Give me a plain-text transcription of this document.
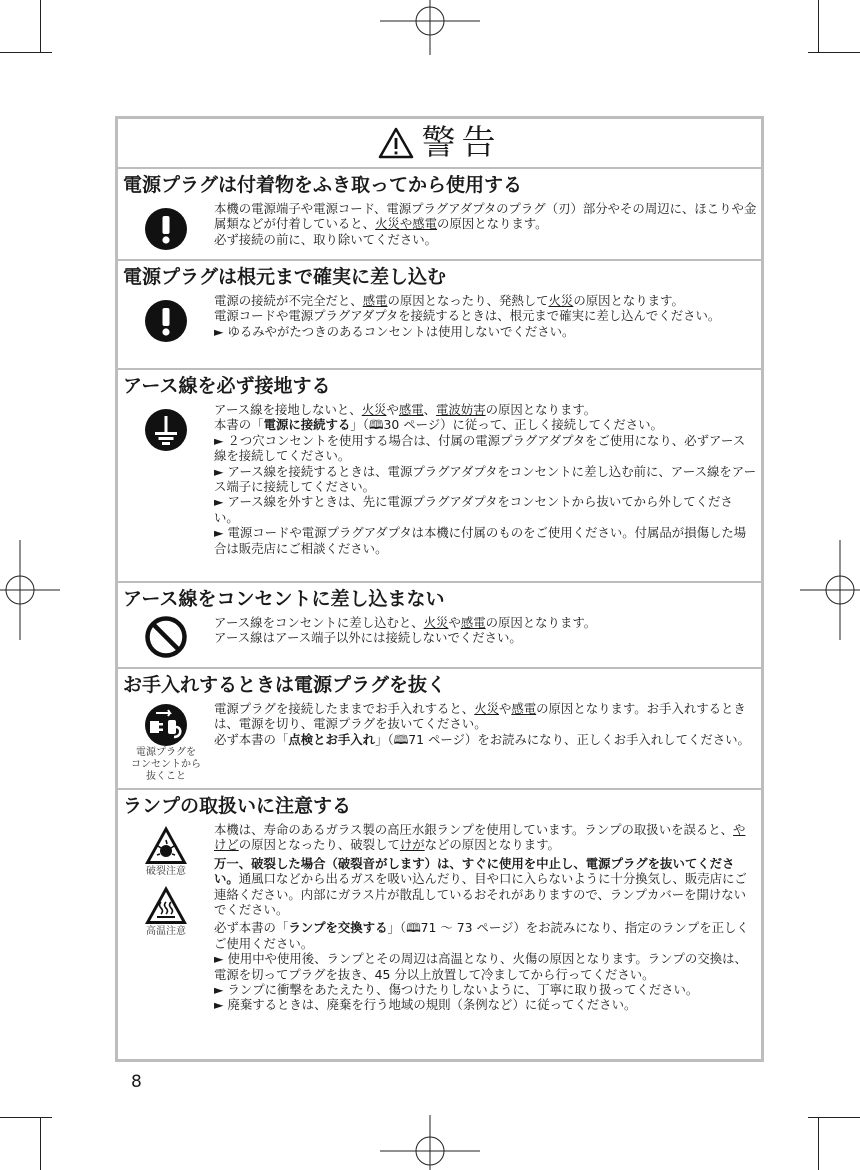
警告
電源プラグは付着物をふき取ってから使用する

本機の電源端子や電源コード、電源プラグアダプタのプラグ（刃）部分やその周辺に、ほこりや金属類などが付着していると、火災や感電の原因となります。

必ず接続の前に、取り除いてください。

電源プラグは根元まで確実に差し込む

電源の接続が不完全だと、感電の原因となったり、発熱して火災の原因となります。

電源コードや電源プラグアダプタを接続するときは、根元まで確実に差し込んでください。

► ゆるみやがたつきのあるコンセントは使用しないでください。

アース線を必ず接地する

アース線を接地しないと、火災や感電、電波妨害の原因となります。

本書の「電源に接続する」（🕮30 ページ）に従って、正しく接続してください。

► ２つ穴コンセントを使用する場合は、付属の電源プラグアダプタをご使用になり、必ずアース線を接続してください。

► アース線を接続するときは、電源プラグアダプタをコンセントに差し込む前に、アース線をアース端子に接続してください。

► アース線を外すときは、先に電源プラグアダプタをコンセントから抜いてから外してください。

► 電源コードや電源プラグアダプタは本機に付属のものをご使用ください。付属品が損傷した場合は販売店にご相談ください。

アース線をコンセントに差し込まない

アース線をコンセントに差し込むと、火災や感電の原因となります。

アース線はアース端子以外には接続しないでください。

お手入れするときは電源プラグを抜く
電源プラグを
コンセントから
抜くこと

電源プラグを接続したままでお手入れすると、火災や感電の原因となります。お手入れするときは、電源を切り、電源プラグを抜いてください。

必ず本書の「点検とお手入れ」（🕮71 ページ）をお読みになり、正しくお手入れしてください。

ランプの取扱いに注意する
破裂注意
高温注意

本機は、寿命のあるガラス製の高圧水銀ランプを使用しています。ランプの取扱いを誤ると、やけどの原因となったり、破裂してけがなどの原因となります。

万一、破裂した場合（破裂音がします）は、すぐに使用を中止し、電源プラグを抜いてください。通風口などから出るガスを吸い込んだり、目や口に入らないように十分換気し、販売店にご連絡ください。内部にガラス片が散乱しているおそれがありますので、ランプカバーを開けないでください。

必ず本書の「ランプを交換する」（🕮71 ～ 73 ページ）をお読みになり、指定のランプを正しくご使用ください。

► 使用中や使用後、ランプとその周辺は高温となり、火傷の原因となります。ランプの交換は、電源を切ってプラグを抜き、45 分以上放置して冷ましてから行ってください。

► ランプに衝撃をあたえたり、傷つけたりしないように、丁寧に取り扱ってください。

► 廃棄するときは、廃棄を行う地域の規則（条例など）に従ってください。

8
